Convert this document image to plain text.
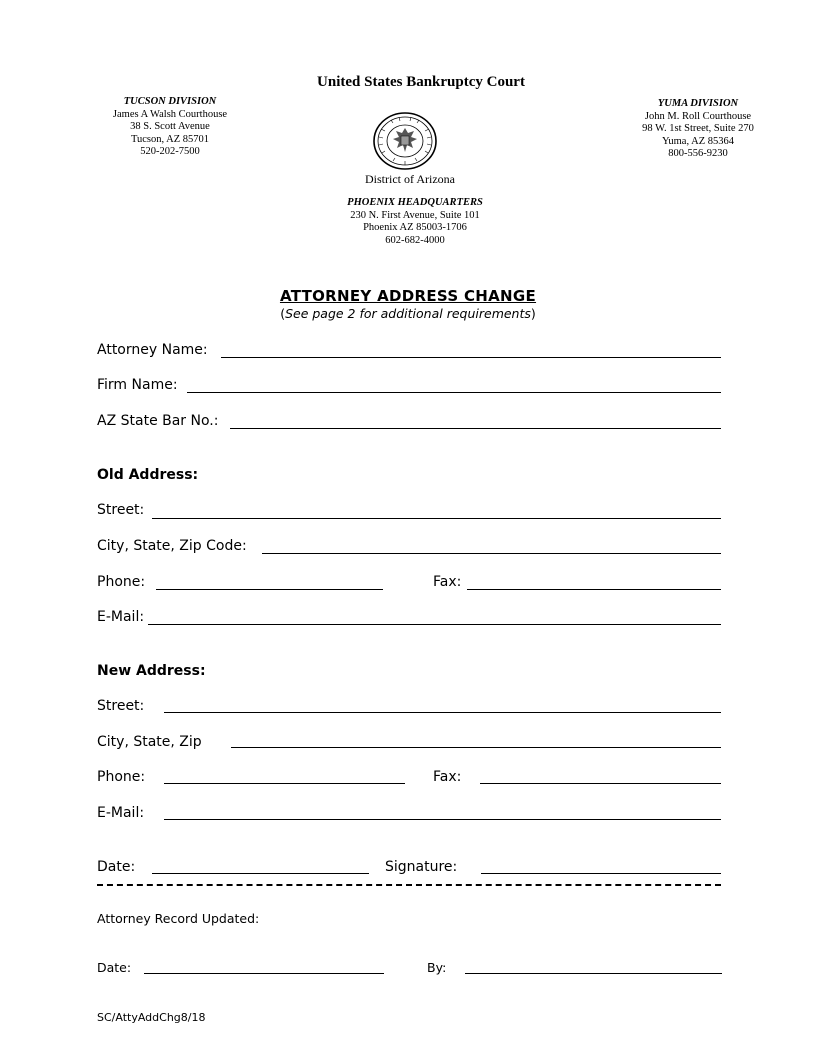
United States Bankruptcy Court
TUCSON DIVISION
James A Walsh Courthouse
38 S. Scott Avenue
Tucson, AZ 85701
520-202-7500
YUMA DIVISION
John M. Roll Courthouse
98 W. 1st Street, Suite 270
Yuma, AZ 85364
800-556-9230
District of Arizona
PHOENIX HEADQUARTERS
230 N. First Avenue, Suite 101
Phoenix AZ 85003-1706
602-682-4000
ATTORNEY ADDRESS CHANGE
(See page 2 for additional requirements)
Attorney Name:
Firm Name:
AZ State Bar No.:
Old Address:
Street:
City, State, Zip Code:
Phone:	Fax:
E-Mail:
New Address:
Street:
City, State, Zip
Phone:	Fax:
E-Mail:
Date:	Signature:
Attorney Record Updated:
Date:	By:
SC/AttyAddChg8/18
